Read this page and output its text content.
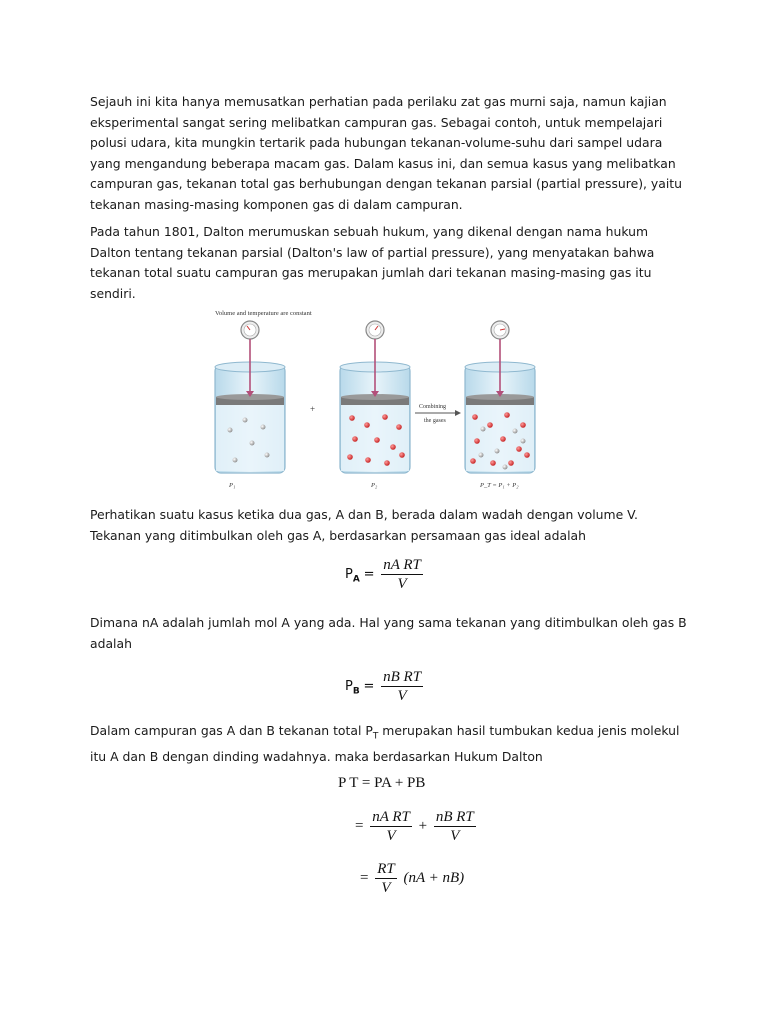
Sejauh ini kita hanya memusatkan perhatian pada perilaku zat gas murni saja, namun kajian eksperimental sangat sering melibatkan campuran gas. Sebagai contoh, untuk mempelajari polusi udara, kita mungkin tertarik pada hubungan tekanan-volume-suhu dari sampel udara yang mengandung beberapa macam gas. Dalam kasus ini, dan semua kasus yang melibatkan campuran gas, tekanan total gas berhubungan dengan tekanan parsial (partial pressure), yaitu tekanan masing-masing komponen gas di dalam campuran.

Pada tahun 1801, Dalton merumuskan sebuah hukum, yang dikenal dengan nama hukum Dalton tentang tekanan parsial (Dalton's law of partial pressure), yang menyatakan bahwa tekanan total suatu campuran gas merupakan jumlah dari tekanan masing-masing gas itu sendiri.

Volume and temperature are constant
P₁
+
P₂
Combining
the gases
P_T = P₁ + P₂

Perhatikan suatu kasus ketika dua gas, A dan B, berada dalam wadah dengan volume V. Tekanan yang ditimbulkan oleh gas A, berdasarkan persamaan gas ideal adalah

$P_A = \frac{\text{nA RT}}{V}$

Dimana nA adalah jumlah mol A yang ada. Hal yang sama tekanan yang ditimbulkan oleh gas B adalah

$P_B = \frac{\text{nB RT}}{V}$

Dalam campuran gas A dan B tekanan total $P_T$ merupakan hasil tumbukan kedua jenis molekul itu A dan B dengan dinding wadahnya. maka berdasarkan Hukum Dalton

P T = PA + PB
= $\frac{\text{nA RT}}{V} + \frac{\text{nB RT}}{V}$
= $\frac{RT}{V} (nA + nB)$
